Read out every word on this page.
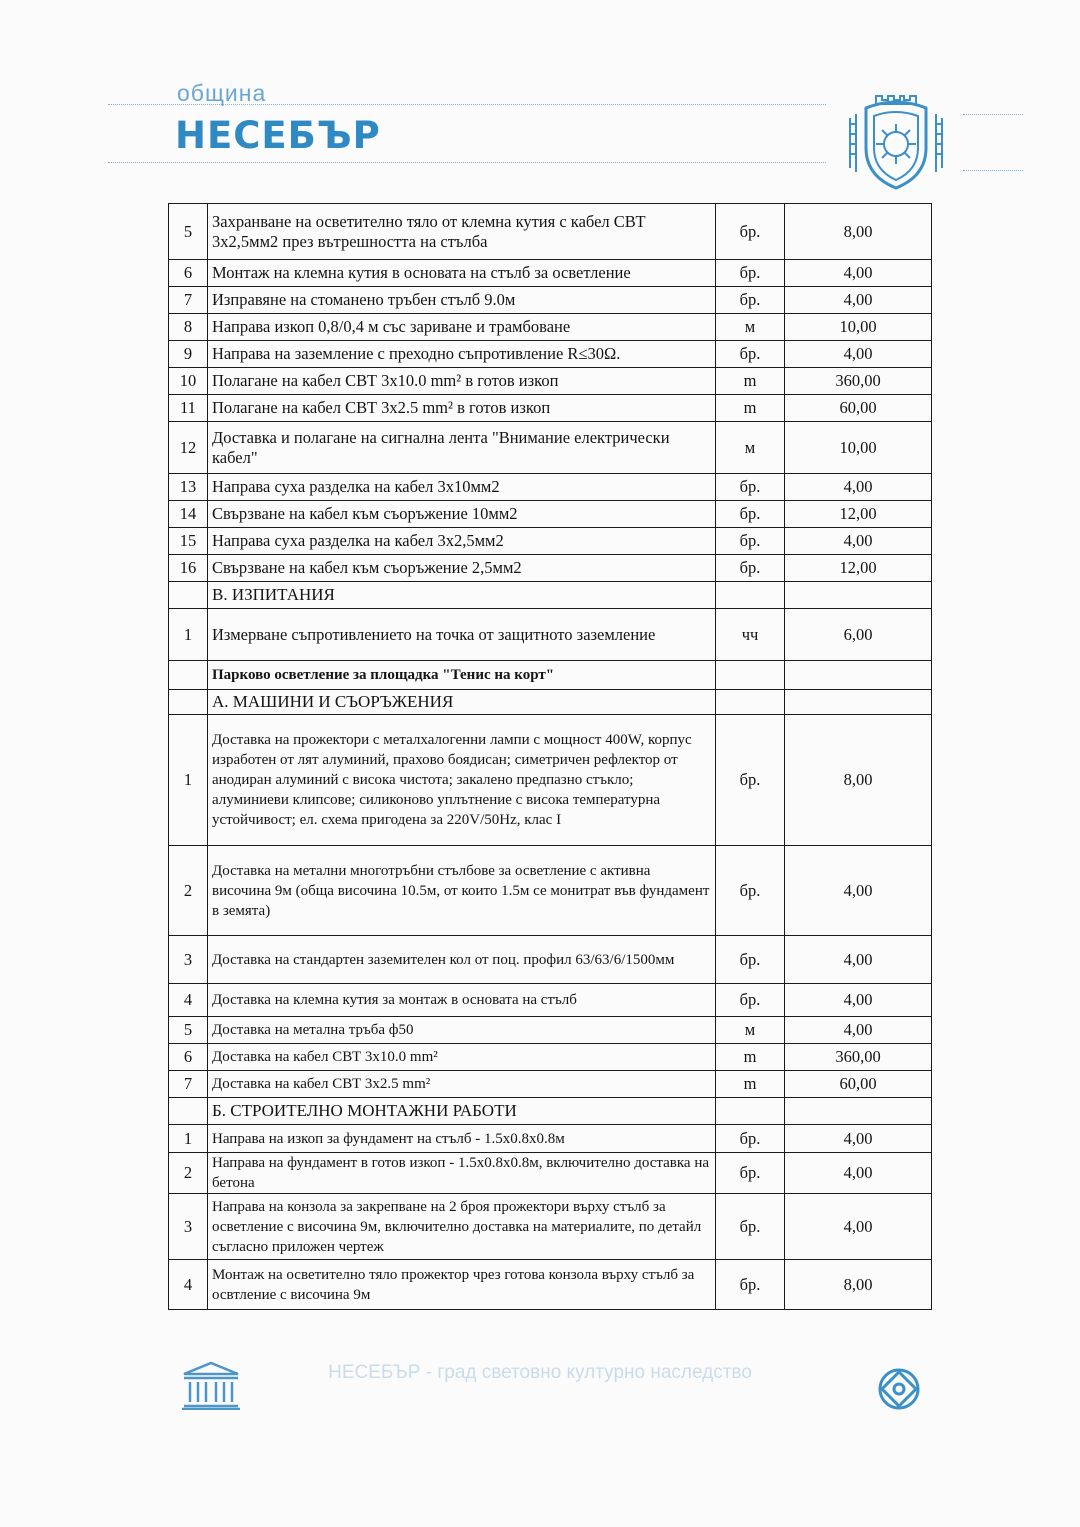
община
НЕСЕБЪР
5	Захранване на осветително тяло от клемна кутия с кабел СВТ 3х2,5мм2 през вътрешността на стълба	бр.	8,00
6	Монтаж на клемна кутия в основата на стълб за осветление	бр.	4,00
7	Изправяне на стоманено тръбен стълб 9.0м	бр.	4,00
8	Направа изкоп 0,8/0,4 м със зариване и трамбоване	м	10,00
9	Направа на заземление с преходно съпротивление R≤30Ω.	бр.	4,00
10	Полагане на кабел СВТ 3х10.0 mm² в готов изкоп	m	360,00
11	Полагане на кабел СВТ 3х2.5 mm² в готов изкоп	m	60,00
12	Доставка и полагане на сигнална лента "Внимание електрически кабел"	м	10,00
13	Направа суха разделка на кабел 3х10мм2	бр.	4,00
14	Свързване на кабел към съоръжение 10мм2	бр.	12,00
15	Направа суха разделка на кабел 3х2,5мм2	бр.	4,00
16	Свързване на кабел към съоръжение 2,5мм2	бр.	12,00
	В. ИЗПИТАНИЯ		
1	Измерване съпротивлението на точка от защитното заземление	чч	6,00
	Парково осветление за площадка "Тенис на корт"		
	А. МАШИНИ И СЪОРЪЖЕНИЯ		
1	Доставка на прожектори с металхалогенни лампи с мощност 400W, корпус изработен от лят алуминий, прахово боядисан; симетричен рефлектор от анодиран алуминий с висока чистота; закалено предпазно стъкло; алуминиеви клипсове; силиконово уплътнение с висока температурна устойчивост; ел. схема пригодена за 220V/50Hz, клас I	бр.	8,00
2	Доставка на метални многотръбни стълбове за осветление с активна височина 9м (обща височина 10.5м, от които 1.5м се монитрат във фундамент в земята)	бр.	4,00
3	Доставка на стандартен заземителен кол от поц. профил 63/63/6/1500мм	бр.	4,00
4	Доставка на клемна кутия за монтаж в основата на стълб	бр.	4,00
5	Доставка на метална тръба ф50	м	4,00
6	Доставка на кабел СВТ 3х10.0 mm²	m	360,00
7	Доставка на кабел СВТ 3х2.5 mm²	m	60,00
	Б. СТРОИТЕЛНО МОНТАЖНИ РАБОТИ		
1	Направа на изкоп за фундамент на стълб - 1.5х0.8х0.8м	бр.	4,00
2	Направа на фундамент в готов изкоп - 1.5х0.8х0.8м, включително доставка на бетона	бр.	4,00
3	Направа на конзола за закрепване на 2 броя прожектори върху стълб за осветление с височина 9м, включително доставка на материалите, по детайл съгласно приложен чертеж	бр.	4,00
4	Монтаж на осветително тяло прожектор чрез готова конзола върху стълб за освтление с височина 9м	бр.	8,00
НЕСЕБЪР - град световно културно наследство
